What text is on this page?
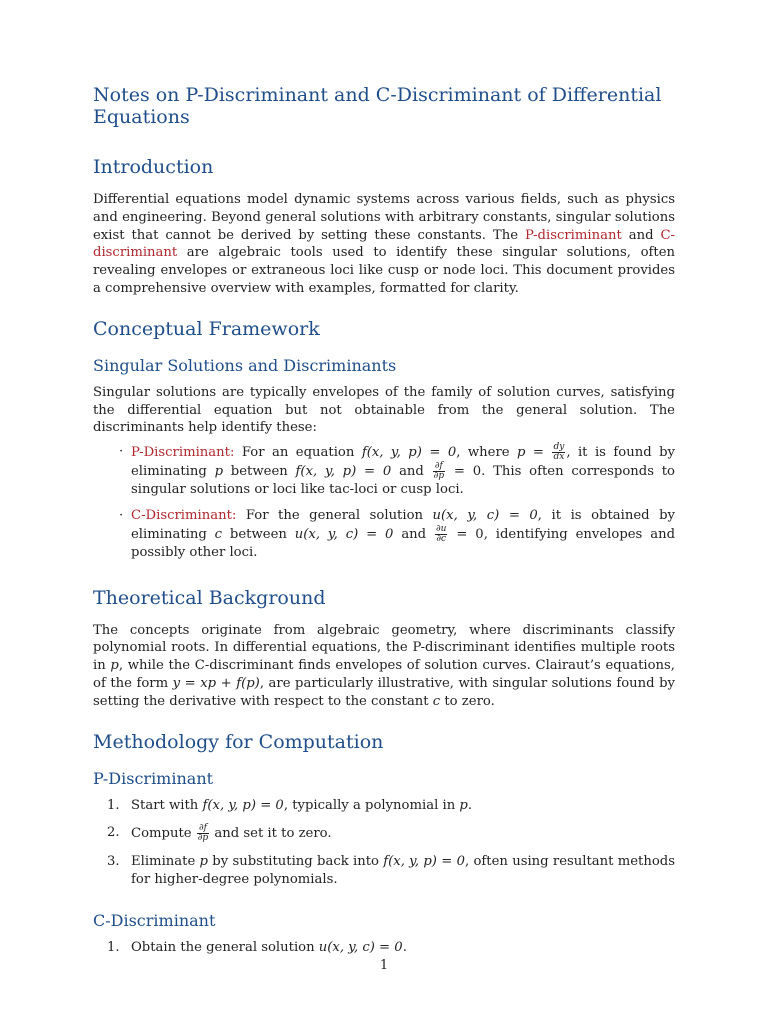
Notes on P-Discriminant and C-Discriminant of Differential Equations
Introduction

Differential equations model dynamic systems across various fields, such as physics and engineering. Beyond general solutions with arbitrary constants, singular solutions exist that cannot be derived by setting these constants. The P-discriminant and C-discriminant are algebraic tools used to identify these singular solutions, often revealing envelopes or extraneous loci like cusp or node loci. This document provides a comprehensive overview with examples, formatted for clarity.

Conceptual Framework
Singular Solutions and Discriminants

Singular solutions are typically envelopes of the family of solution curves, satisfying the differential equation but not obtainable from the general solution. The discriminants help identify these:

· P-Discriminant: For an equation f(x, y, p) = 0, where $p = \frac{dy}{dx}$ , it is found by eliminating p between f(x, y, p) = 0 and $\frac{\partial f}{\partial p} = 0$. This often corresponds to singular solutions or loci like tac-loci or cusp loci.
· C-Discriminant: For the general solution u(x, y, c) = 0, it is obtained by eliminating c between u(x, y, c) = 0 and $\frac{\partial u}{\partial c} = 0$, identifying envelopes and possibly other loci.
Theoretical Background

The concepts originate from algebraic geometry, where discriminants classify polynomial roots. In differential equations, the P-discriminant identifies multiple roots in p, while the C-discriminant finds envelopes of solution curves. Clairaut’s equations, of the form y = xp + f(p), are particularly illustrative, with singular solutions found by setting the derivative with respect to the constant c to zero.

Methodology for Computation
P-Discriminant
1. Start with f(x, y, p) = 0, typically a polynomial in p.
2. Compute $\frac{\partial f}{\partial p}$ and set it to zero.
3. Eliminate p by substituting back into f(x, y, p) = 0, often using resultant methods for higher-degree polynomials.
C-Discriminant
1. Obtain the general solution u(x, y, c) = 0.
1
